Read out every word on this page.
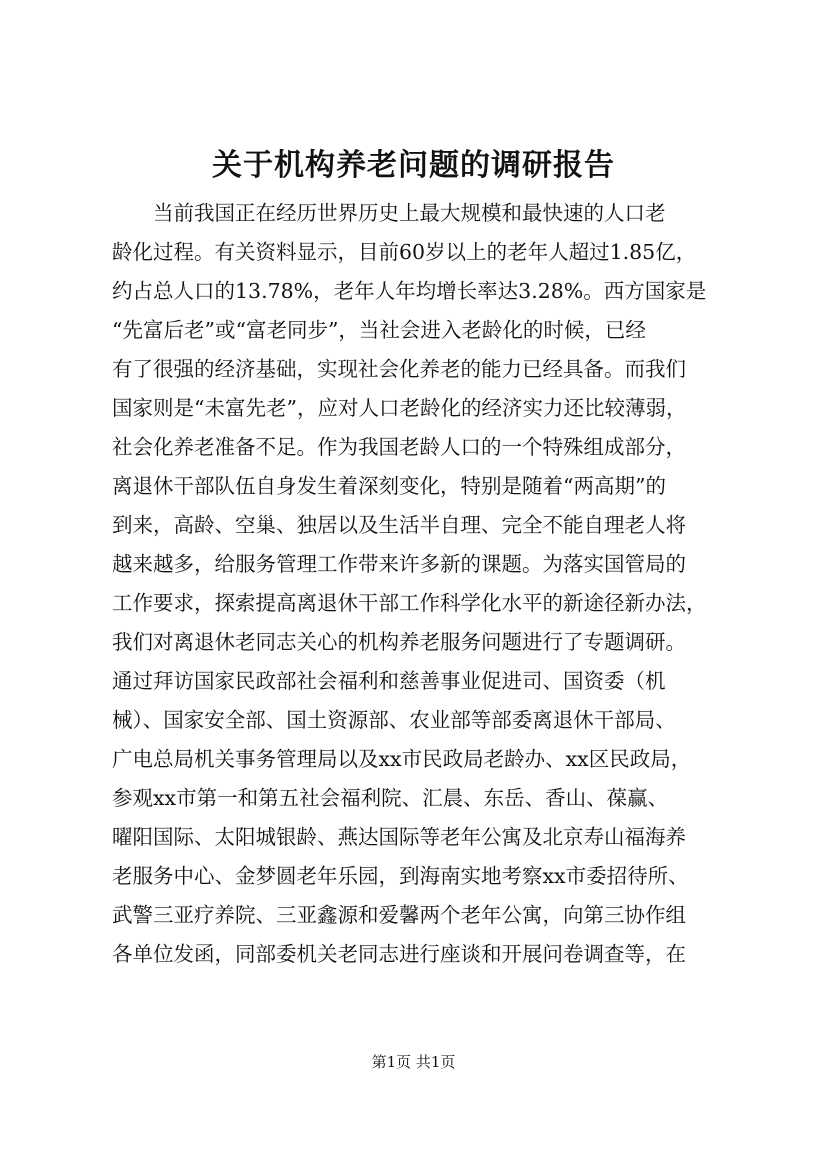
关于机构养老问题的调研报告
当前我国正在经历世界历史上最大规模和最快速的人口老
龄化过程。有关资料显示，目前60岁以上的老年人超过1.85亿，
约占总人口的13.78%，老年人年均增长率达3.28%。西方国家是
“先富后老”或“富老同步”，当社会进入老龄化的时候，已经
有了很强的经济基础，实现社会化养老的能力已经具备。而我们
国家则是“未富先老”，应对人口老龄化的经济实力还比较薄弱，
社会化养老准备不足。作为我国老龄人口的一个特殊组成部分，
离退休干部队伍自身发生着深刻变化，特别是随着“两高期”的
到来，高龄、空巢、独居以及生活半自理、完全不能自理老人将
越来越多，给服务管理工作带来许多新的课题。为落实国管局的
工作要求，探索提高离退休干部工作科学化水平的新途径新办法，
我们对离退休老同志关心的机构养老服务问题进行了专题调研。
通过拜访国家民政部社会福利和慈善事业促进司、国资委（机
械）、国家安全部、国土资源部、农业部等部委离退休干部局、
广电总局机关事务管理局以及xx市民政局老龄办、xx区民政局，
参观xx市第一和第五社会福利院、汇晨、东岳、香山、葆赢、
曜阳国际、太阳城银龄、燕达国际等老年公寓及北京寿山福海养
老服务中心、金梦圆老年乐园，到海南实地考察xx市委招待所、
武警三亚疗养院、三亚鑫源和爱馨两个老年公寓，向第三协作组
各单位发函，同部委机关老同志进行座谈和开展问卷调查等，在
第1页 共1页
